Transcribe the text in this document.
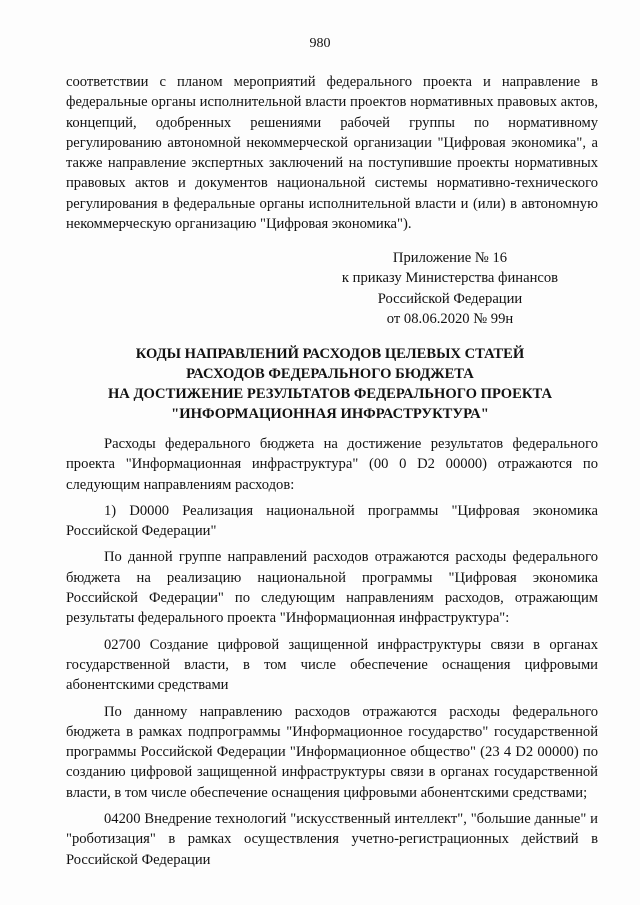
980
соответствии с планом мероприятий федерального проекта и направление в федеральные органы исполнительной власти проектов нормативных правовых актов, концепций, одобренных решениями рабочей группы по нормативному регулированию автономной некоммерческой организации "Цифровая экономика", а также направление экспертных заключений на поступившие проекты нормативных правовых актов и документов национальной системы нормативно-технического регулирования в федеральные органы исполнительной власти и (или) в автономную некоммерческую организацию "Цифровая экономика").
Приложение № 16
к приказу Министерства финансов
Российской Федерации
от 08.06.2020 № 99н
КОДЫ НАПРАВЛЕНИЙ РАСХОДОВ ЦЕЛЕВЫХ СТАТЕЙ
РАСХОДОВ ФЕДЕРАЛЬНОГО БЮДЖЕТА
НА ДОСТИЖЕНИЕ РЕЗУЛЬТАТОВ ФЕДЕРАЛЬНОГО ПРОЕКТА
"ИНФОРМАЦИОННАЯ ИНФРАСТРУКТУРА"

Расходы федерального бюджета на достижение результатов федерального проекта "Информационная инфраструктура" (00 0 D2 00000) отражаются по следующим направлениям расходов:

1) D0000 Реализация национальной программы "Цифровая экономика Российской Федерации"

По данной группе направлений расходов отражаются расходы федерального бюджета на реализацию национальной программы "Цифровая экономика Российской Федерации" по следующим направлениям расходов, отражающим результаты федерального проекта "Информационная инфраструктура":

02700 Создание цифровой защищенной инфраструктуры связи в органах государственной власти, в том числе обеспечение оснащения цифровыми абонентскими средствами

По данному направлению расходов отражаются расходы федерального бюджета в рамках подпрограммы "Информационное государство" государственной программы Российской Федерации "Информационное общество" (23 4 D2 00000) по созданию цифровой защищенной инфраструктуры связи в органах государственной власти, в том числе обеспечение оснащения цифровыми абонентскими средствами;

04200 Внедрение технологий "искусственный интеллект", "большие данные" и "роботизация" в рамках осуществления учетно-регистрационных действий в Российской Федерации
